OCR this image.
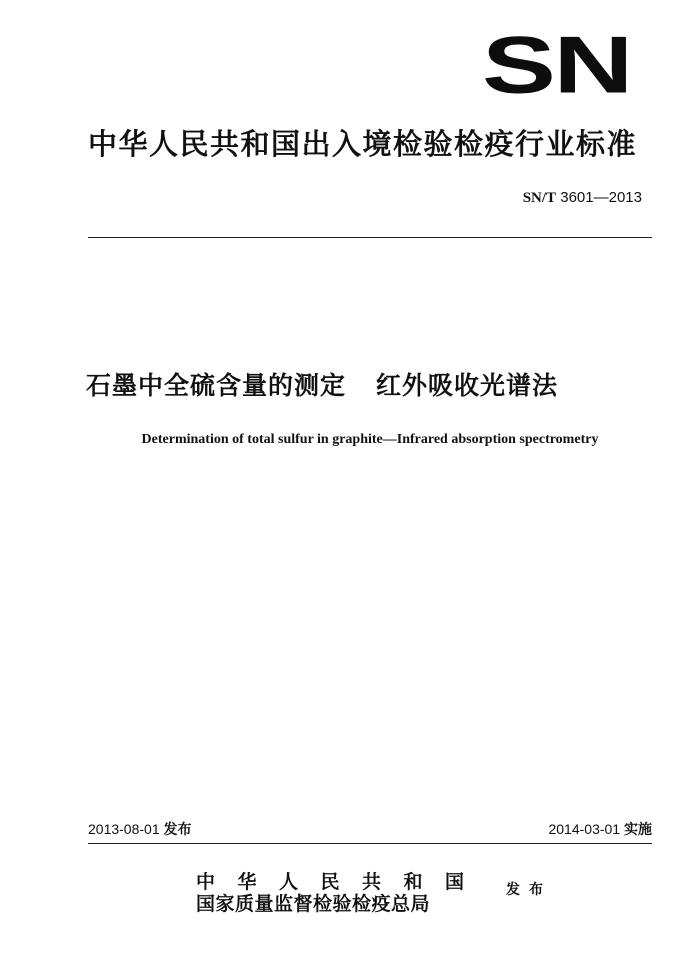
SN
中华人民共和国出入境检验检疫行业标准
SN/T 3601—2013
石墨中全硫含量的测定 红外吸收光谱法
Determination of total sulfur in graphite—Infrared absorption spectrometry
2013-08-01 发布	2014-03-01 实施
中华人民共和国
国家质量监督检验检疫总局
发布
